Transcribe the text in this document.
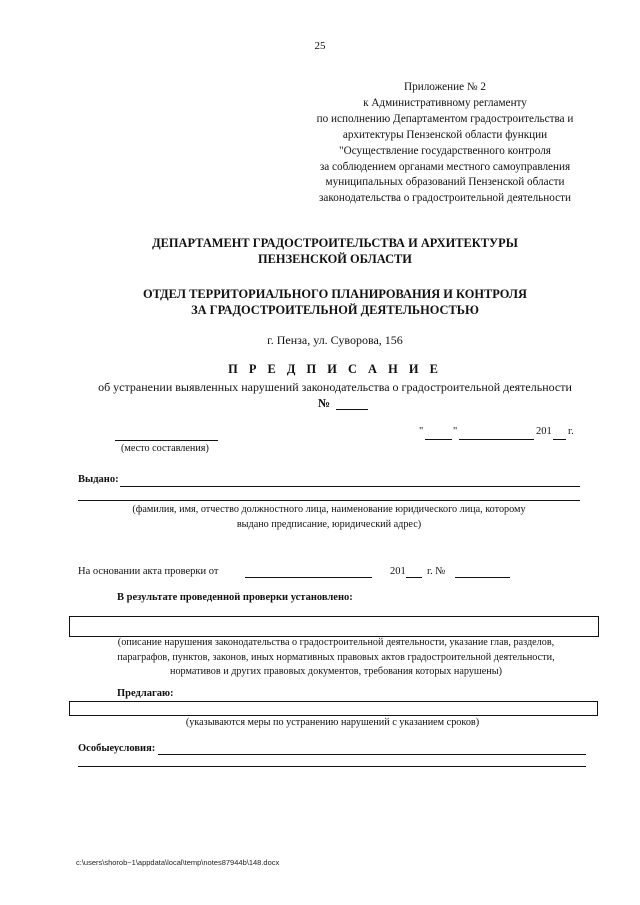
25
Приложение № 2
к Административному регламенту
по исполнению Департаментом градостроительства и
архитектуры Пензенской области функции
"Осуществление государственного контроля
за соблюдением органами местного самоуправления
муниципальных образований Пензенской области
законодательства о градостроительной деятельности
ДЕПАРТАМЕНТ ГРАДОСТРОИТЕЛЬСТВА И АРХИТЕКТУРЫ
ПЕНЗЕНСКОЙ ОБЛАСТИ
ОТДЕЛ ТЕРРИТОРИАЛЬНОГО ПЛАНИРОВАНИЯ И КОНТРОЛЯ
ЗА ГРАДОСТРОИТЕЛЬНОЙ ДЕЯТЕЛЬНОСТЬЮ
г. Пенза, ул. Суворова, 156
П Р Е Д П И С А Н И Е
об устранении выявленных нарушений законодательства о градостроительной деятельности
№
(место составления)
"	"	201 г.
Выдано:
(фамилия, имя, отчество должностного лица, наименование юридического лица, которому
выдано предписание, юридический адрес)
На основании акта проверки от	201 г. №
В результате проведенной проверки установлено:
(описание нарушения законодательства о градостроительной деятельности, указание глав, разделов,
параграфов, пунктов, законов, иных нормативных правовых актов градостроительной деятельности,
нормативов и других правовых документов, требования которых нарушены)
Предлагаю:
(указываются меры по устранению нарушений с указанием сроков)
Особыеусловия:
c:\users\shorob~1\appdata\local\temp\notes87944b\148.docx
